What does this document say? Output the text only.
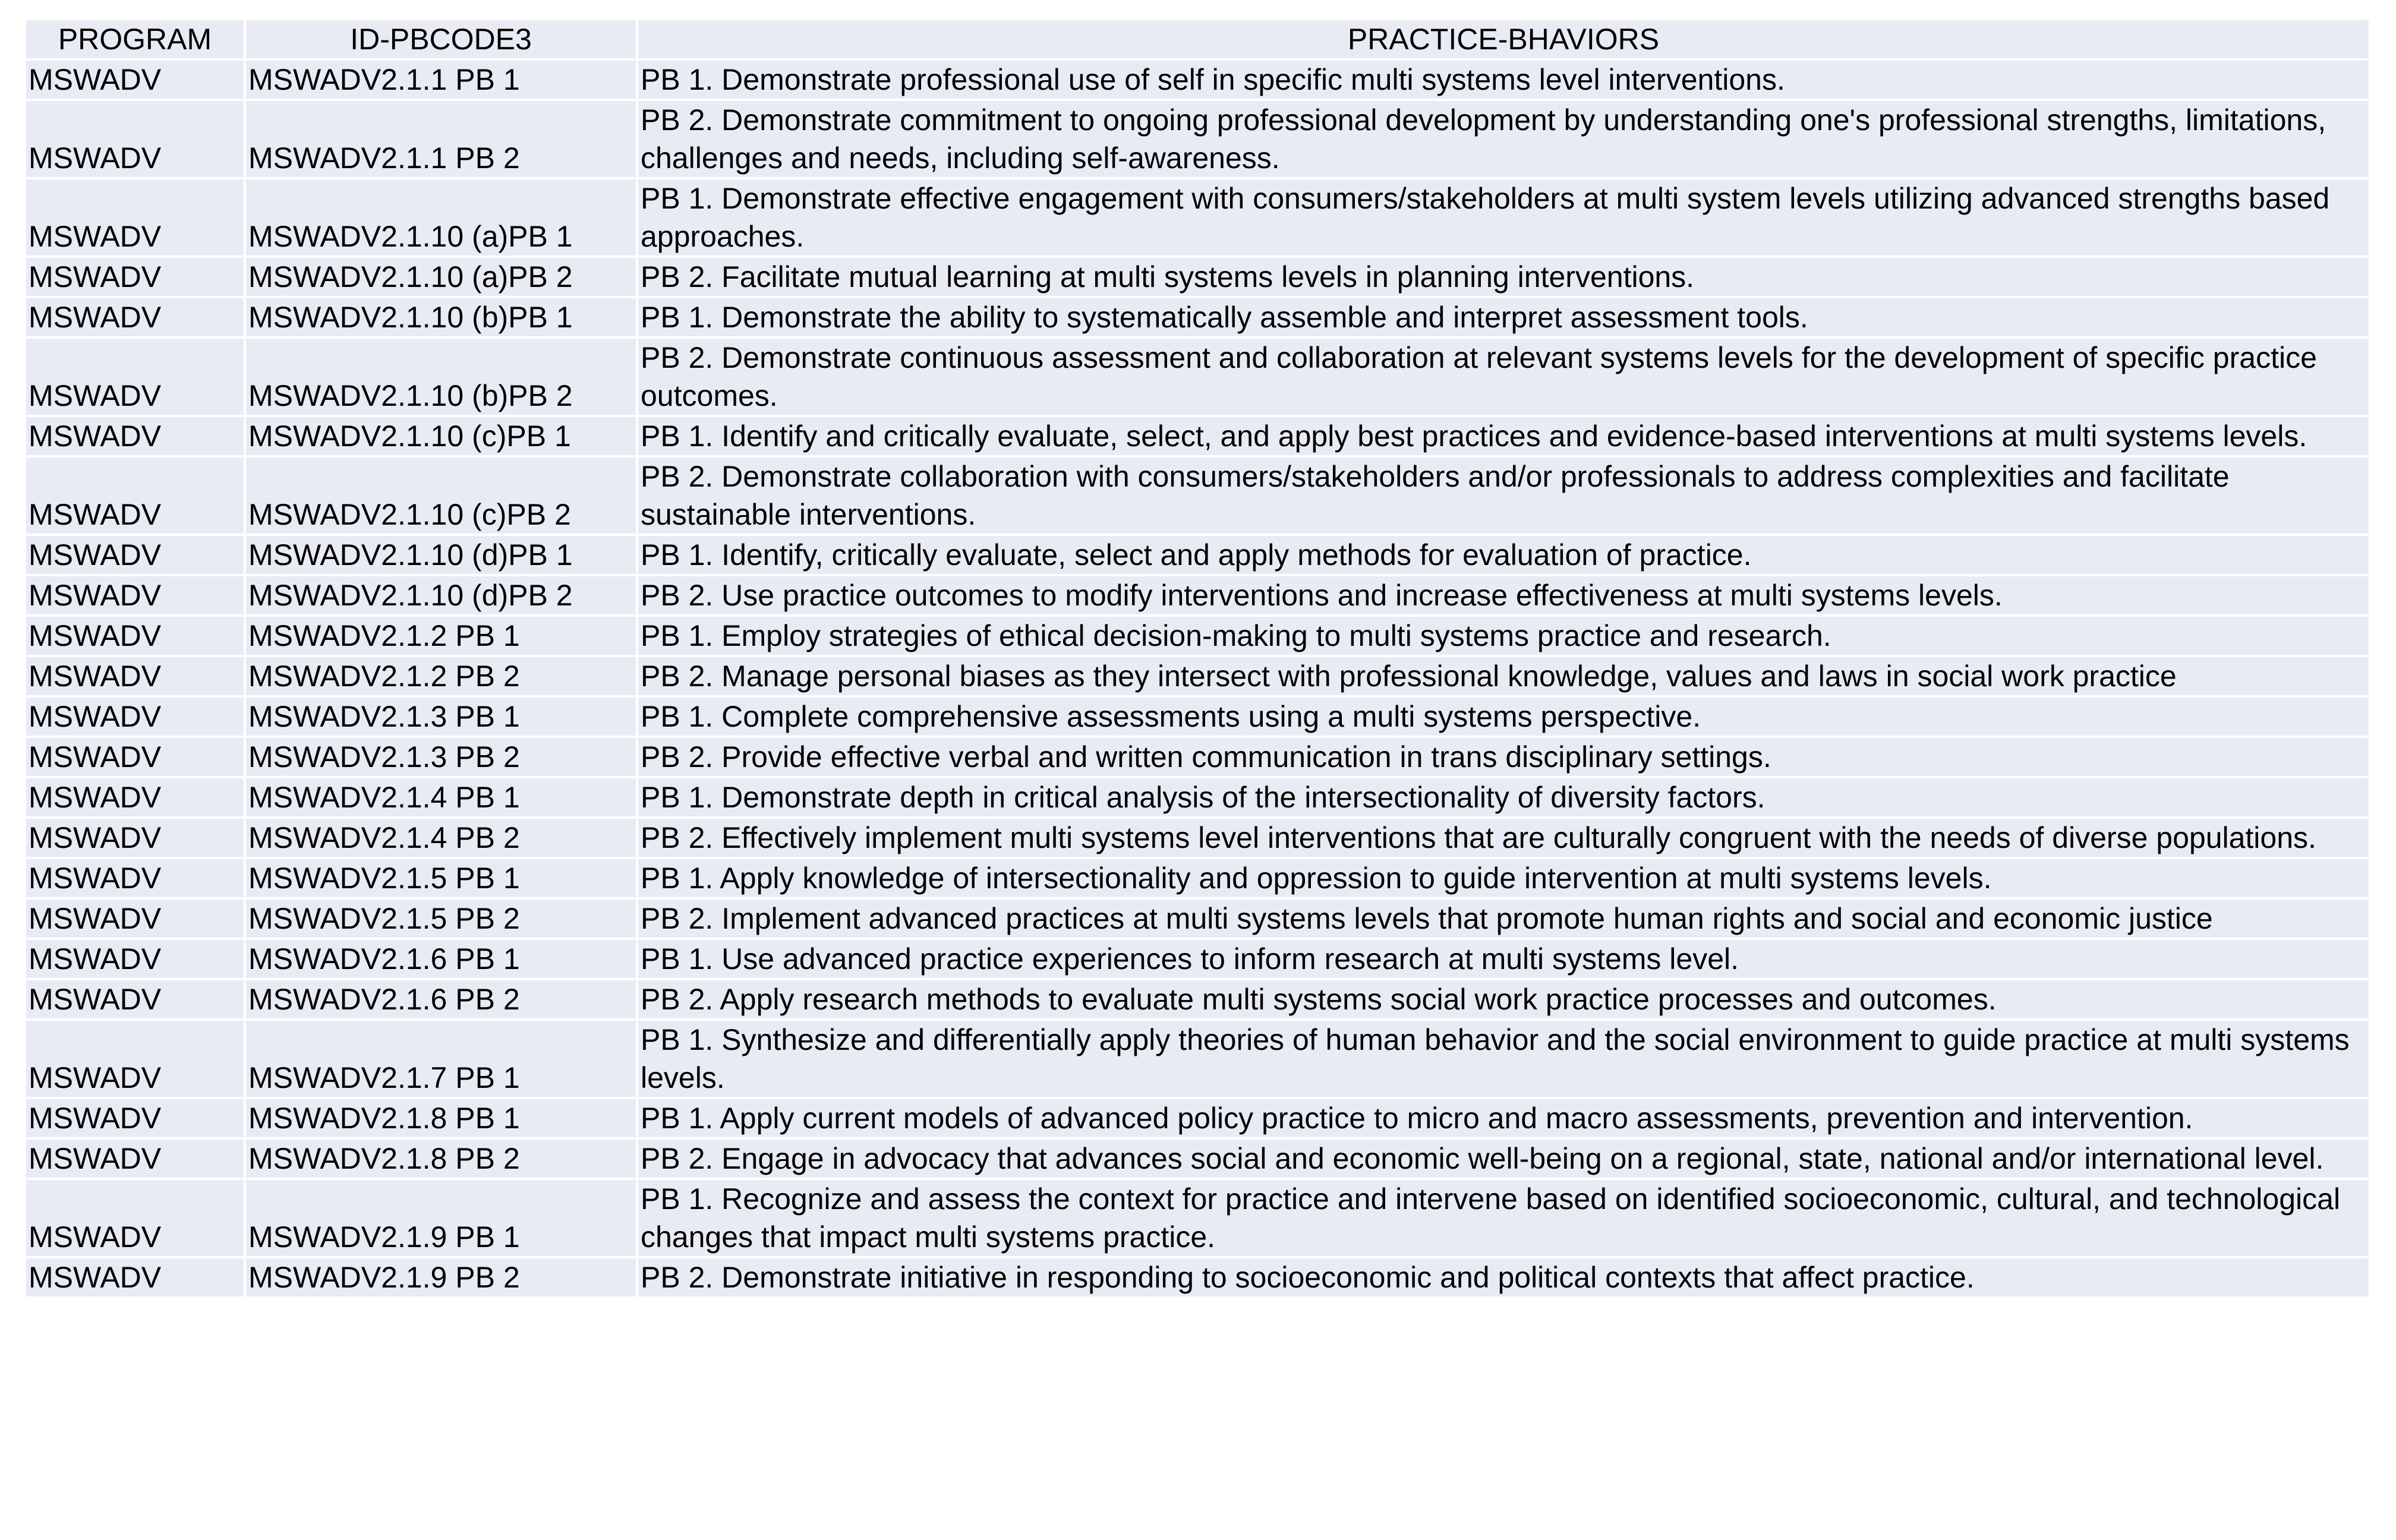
PROGRAM	ID-PBCODE3	PRACTICE-BHAVIORS
MSWADV	MSWADV2.1.1 PB 1	PB 1. Demonstrate professional use of self in specific multi systems level interventions.
MSWADV	MSWADV2.1.1 PB 2	PB 2. Demonstrate commitment to ongoing professional development by understanding one's professional strengths, limitations, challenges and needs, including self-awareness.
MSWADV	MSWADV2.1.10 (a)PB 1	PB 1. Demonstrate effective engagement with consumers/stakeholders at multi system levels utilizing advanced strengths based approaches.
MSWADV	MSWADV2.1.10 (a)PB 2	PB 2. Facilitate mutual learning at multi systems levels in planning interventions.
MSWADV	MSWADV2.1.10 (b)PB 1	PB 1. Demonstrate the ability to systematically assemble and interpret assessment tools.
MSWADV	MSWADV2.1.10 (b)PB 2	PB 2. Demonstrate continuous assessment and collaboration at relevant systems levels for the development of specific practice outcomes.
MSWADV	MSWADV2.1.10 (c)PB 1	PB 1. Identify and critically evaluate, select, and apply best practices and evidence-based interventions at multi systems levels.
MSWADV	MSWADV2.1.10 (c)PB 2	PB 2. Demonstrate collaboration with consumers/stakeholders and/or professionals to address complexities and facilitate sustainable interventions.
MSWADV	MSWADV2.1.10 (d)PB 1	PB 1. Identify, critically evaluate, select and apply methods for evaluation of practice.
MSWADV	MSWADV2.1.10 (d)PB 2	PB 2. Use practice outcomes to modify interventions and increase effectiveness at multi systems levels.
MSWADV	MSWADV2.1.2 PB 1	PB 1. Employ strategies of ethical decision-making to multi systems practice and research.
MSWADV	MSWADV2.1.2 PB 2	PB 2. Manage personal biases as they intersect with professional knowledge, values and laws in social work practice
MSWADV	MSWADV2.1.3 PB 1	PB 1. Complete comprehensive assessments using a multi systems perspective.
MSWADV	MSWADV2.1.3 PB 2	PB 2. Provide effective verbal and written communication in trans disciplinary settings.
MSWADV	MSWADV2.1.4 PB 1	PB 1. Demonstrate depth in critical analysis of the intersectionality of diversity factors.
MSWADV	MSWADV2.1.4 PB 2	PB 2. Effectively implement multi systems level interventions that are culturally congruent with the needs of diverse populations.
MSWADV	MSWADV2.1.5 PB 1	PB 1. Apply knowledge of intersectionality and oppression to guide intervention at multi systems levels.
MSWADV	MSWADV2.1.5 PB 2	PB 2. Implement advanced practices at multi systems levels that promote human rights and social and economic justice
MSWADV	MSWADV2.1.6 PB 1	PB 1. Use advanced practice experiences to inform research at multi systems level.
MSWADV	MSWADV2.1.6 PB 2	PB 2. Apply research methods to evaluate multi systems social work practice processes and outcomes.
MSWADV	MSWADV2.1.7 PB 1	PB 1. Synthesize and differentially apply theories of human behavior and the social environment to guide practice at multi systems levels.
MSWADV	MSWADV2.1.8 PB 1	PB 1. Apply current models of advanced policy practice to micro and macro assessments, prevention and intervention.
MSWADV	MSWADV2.1.8 PB 2	PB 2. Engage in advocacy that advances social and economic well-being on a regional, state, national and/or international level.
MSWADV	MSWADV2.1.9 PB 1	PB 1. Recognize and assess the context for practice and intervene based on identified socioeconomic, cultural, and technological changes that impact multi systems practice.
MSWADV	MSWADV2.1.9 PB 2	PB 2. Demonstrate initiative in responding to socioeconomic and political contexts that affect practice.
